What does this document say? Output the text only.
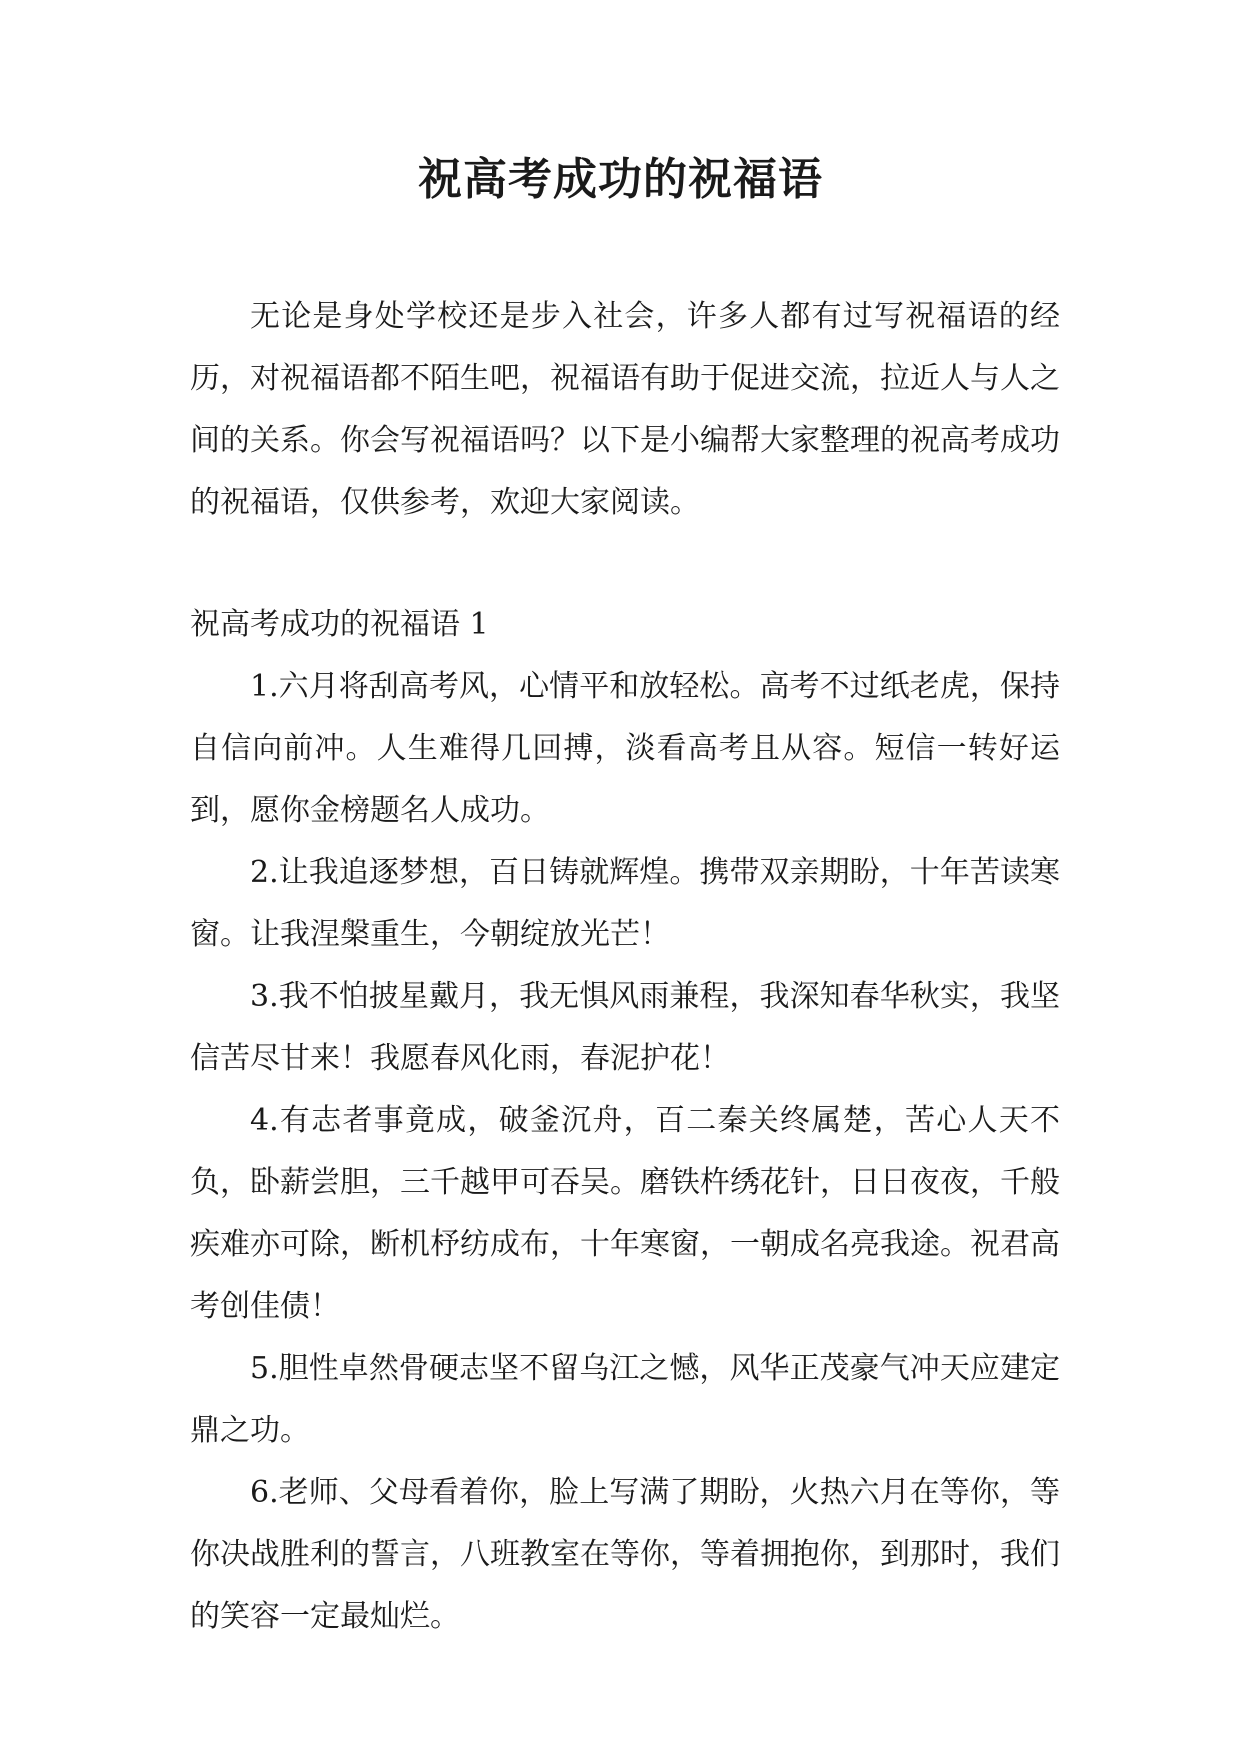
祝高考成功的祝福语

无论是身处学校还是步入社会，许多人都有过写祝福语的经历，对祝福语都不陌生吧，祝福语有助于促进交流，拉近人与人之间的关系。你会写祝福语吗？以下是小编帮大家整理的祝高考成功的祝福语，仅供参考，欢迎大家阅读。

祝高考成功的祝福语 1

1.六月将刮高考风，心情平和放轻松。高考不过纸老虎，保持自信向前冲。人生难得几回搏，淡看高考且从容。短信一转好运到，愿你金榜题名人成功。

2.让我追逐梦想，百日铸就辉煌。携带双亲期盼，十年苦读寒窗。让我涅槃重生，今朝绽放光芒！

3.我不怕披星戴月，我无惧风雨兼程，我深知春华秋实，我坚信苦尽甘来！我愿春风化雨，春泥护花！

4.有志者事竟成，破釜沉舟，百二秦关终属楚，苦心人天不负，卧薪尝胆，三千越甲可吞吴。磨铁杵绣花针，日日夜夜，千般疾难亦可除，断机杼纺成布，十年寒窗，一朝成名亮我途。祝君高考创佳债！

5.胆性卓然骨硬志坚不留乌江之憾，风华正茂豪气冲天应建定鼎之功。

6.老师、父母看着你，脸上写满了期盼，火热六月在等你，等你决战胜利的誓言，八班教室在等你，等着拥抱你，到那时，我们的笑容一定最灿烂。
